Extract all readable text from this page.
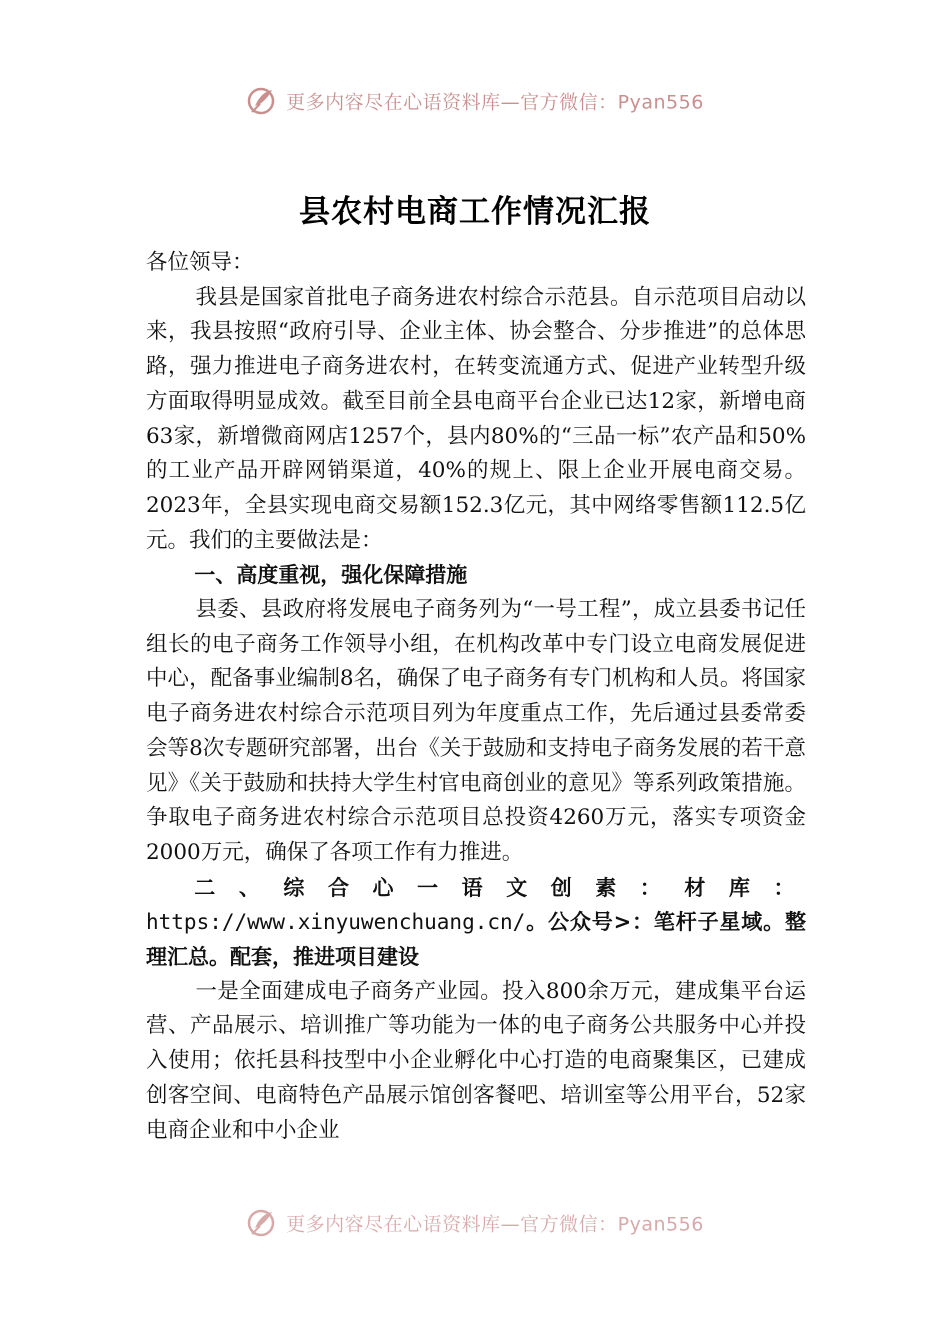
更多内容尽在心语资料库—官方微信：Pyan556
县农村电商工作情况汇报

各位领导：

我县是国家首批电子商务进农村综合示范县。自示范项目启动以来，我县按照“政府引导、企业主体、协会整合、分步推进”的总体思路，强力推进电子商务进农村，在转变流通方式、促进产业转型升级方面取得明显成效。截至目前全县电商平台企业已达12家，新增电商63家，新增微商网店1257个，县内80%的“三品一标”农产品和50%的工业产品开辟网销渠道，40%的规上、限上企业开展电商交易。2023年，全县实现电商交易额152.3亿元，其中网络零售额112.5亿元。我们的主要做法是：

一、高度重视，强化保障措施

县委、县政府将发展电子商务列为“一号工程”，成立县委书记任组长的电子商务工作领导小组，在机构改革中专门设立电商发展促进中心，配备事业编制8名，确保了电子商务有专门机构和人员。将国家电子商务进农村综合示范项目列为年度重点工作，先后通过县委常委会等8次专题研究部署，出台《关于鼓励和支持电子商务发展的若干意见》《关于鼓励和扶持大学生村官电商创业的意见》等系列政策措施。争取电子商务进农村综合示范项目总投资4260万元，落实专项资金2000万元，确保了各项工作有力推进。

二、综合心一语文创素：材库：https://www.xinyuwenchuang.cn/。公众号>：笔杆子星域。整理汇总。配套，推进项目建设

一是全面建成电子商务产业园。投入800余万元，建成集平台运营、产品展示、培训推广等功能为一体的电子商务公共服务中心并投入使用；依托县科技型中小企业孵化中心打造的电商聚集区，已建成创客空间、电商特色产品展示馆创客餐吧、培训室等公用平台，52家电商企业和中小企业

更多内容尽在心语资料库—官方微信：Pyan556
